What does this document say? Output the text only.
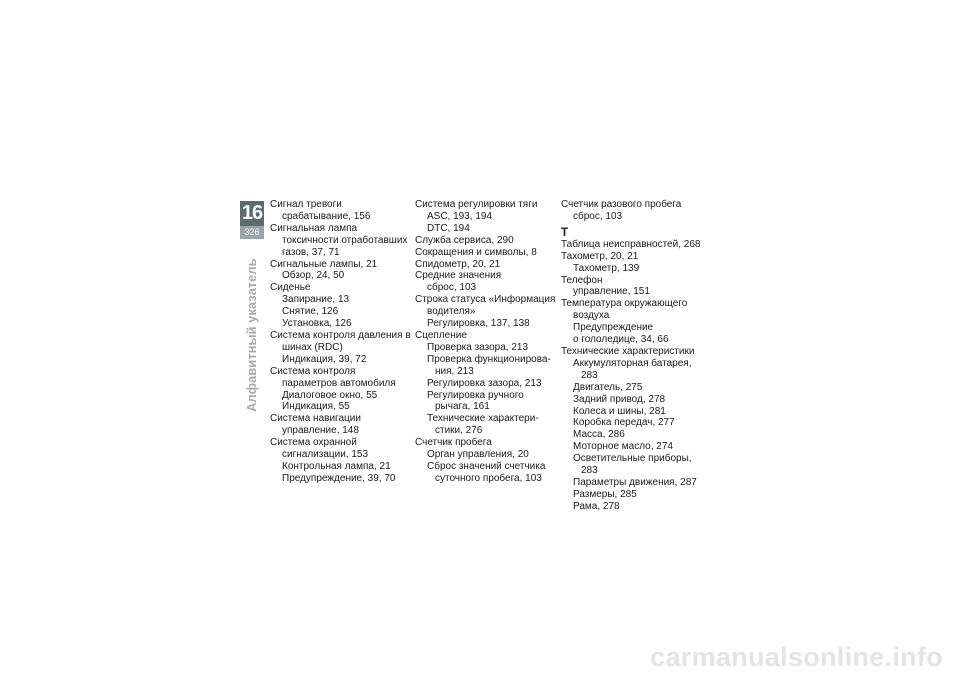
16
326
Алфавитный указатель
Сигнал тревоги
срабатывание, 156
Сигнальная лампа токсичности отработавших газов, 37, 71
Сигнальные лампы, 21
Обзор, 24, 50
Сиденье
Запирание, 13
Снятие, 126
Установка, 126
Система контроля давления в шинах (RDC)
Индикация, 39, 72
Система контроля параметров автомобиля
Диалоговое окно, 55
Индикация, 55
Система навигации
управление, 148
Система охранной сигнализации, 153
Контрольная лампа, 21
Предупреждение, 39, 70
Система регулировки тяги
ASC, 193, 194
DTC, 194
Служба сервиса, 290
Сокращения и символы, 8
Спидометр, 20, 21
Средние значения
сброс, 103
Строка статуса «Информация водителя»
Регулировка, 137, 138
Сцепление
Проверка зазора, 213
Проверка функционирования, 213
Регулировка зазора, 213
Регулировка ручного рычага, 161
Технические характеристики, 276
Счетчик пробега
Орган управления, 20
Сброс значений счетчика суточного пробега, 103
Счетчик разового пробега
сброс, 103
Т
Таблица неисправностей, 268
Тахометр, 20, 21
Тахометр, 139
Телефон
управление, 151
Температура окружающего воздуха
Предупреждение
о гололедице, 34, 66
Технические характеристики
Аккумуляторная батарея, 283
Двигатель, 275
Задний привод, 278
Колеса и шины, 281
Коробка передач, 277
Масса, 286
Моторное масло, 274
Осветительные приборы, 283
Параметры движения, 287
Размеры, 285
Рама, 278
carmanualsonline.info
